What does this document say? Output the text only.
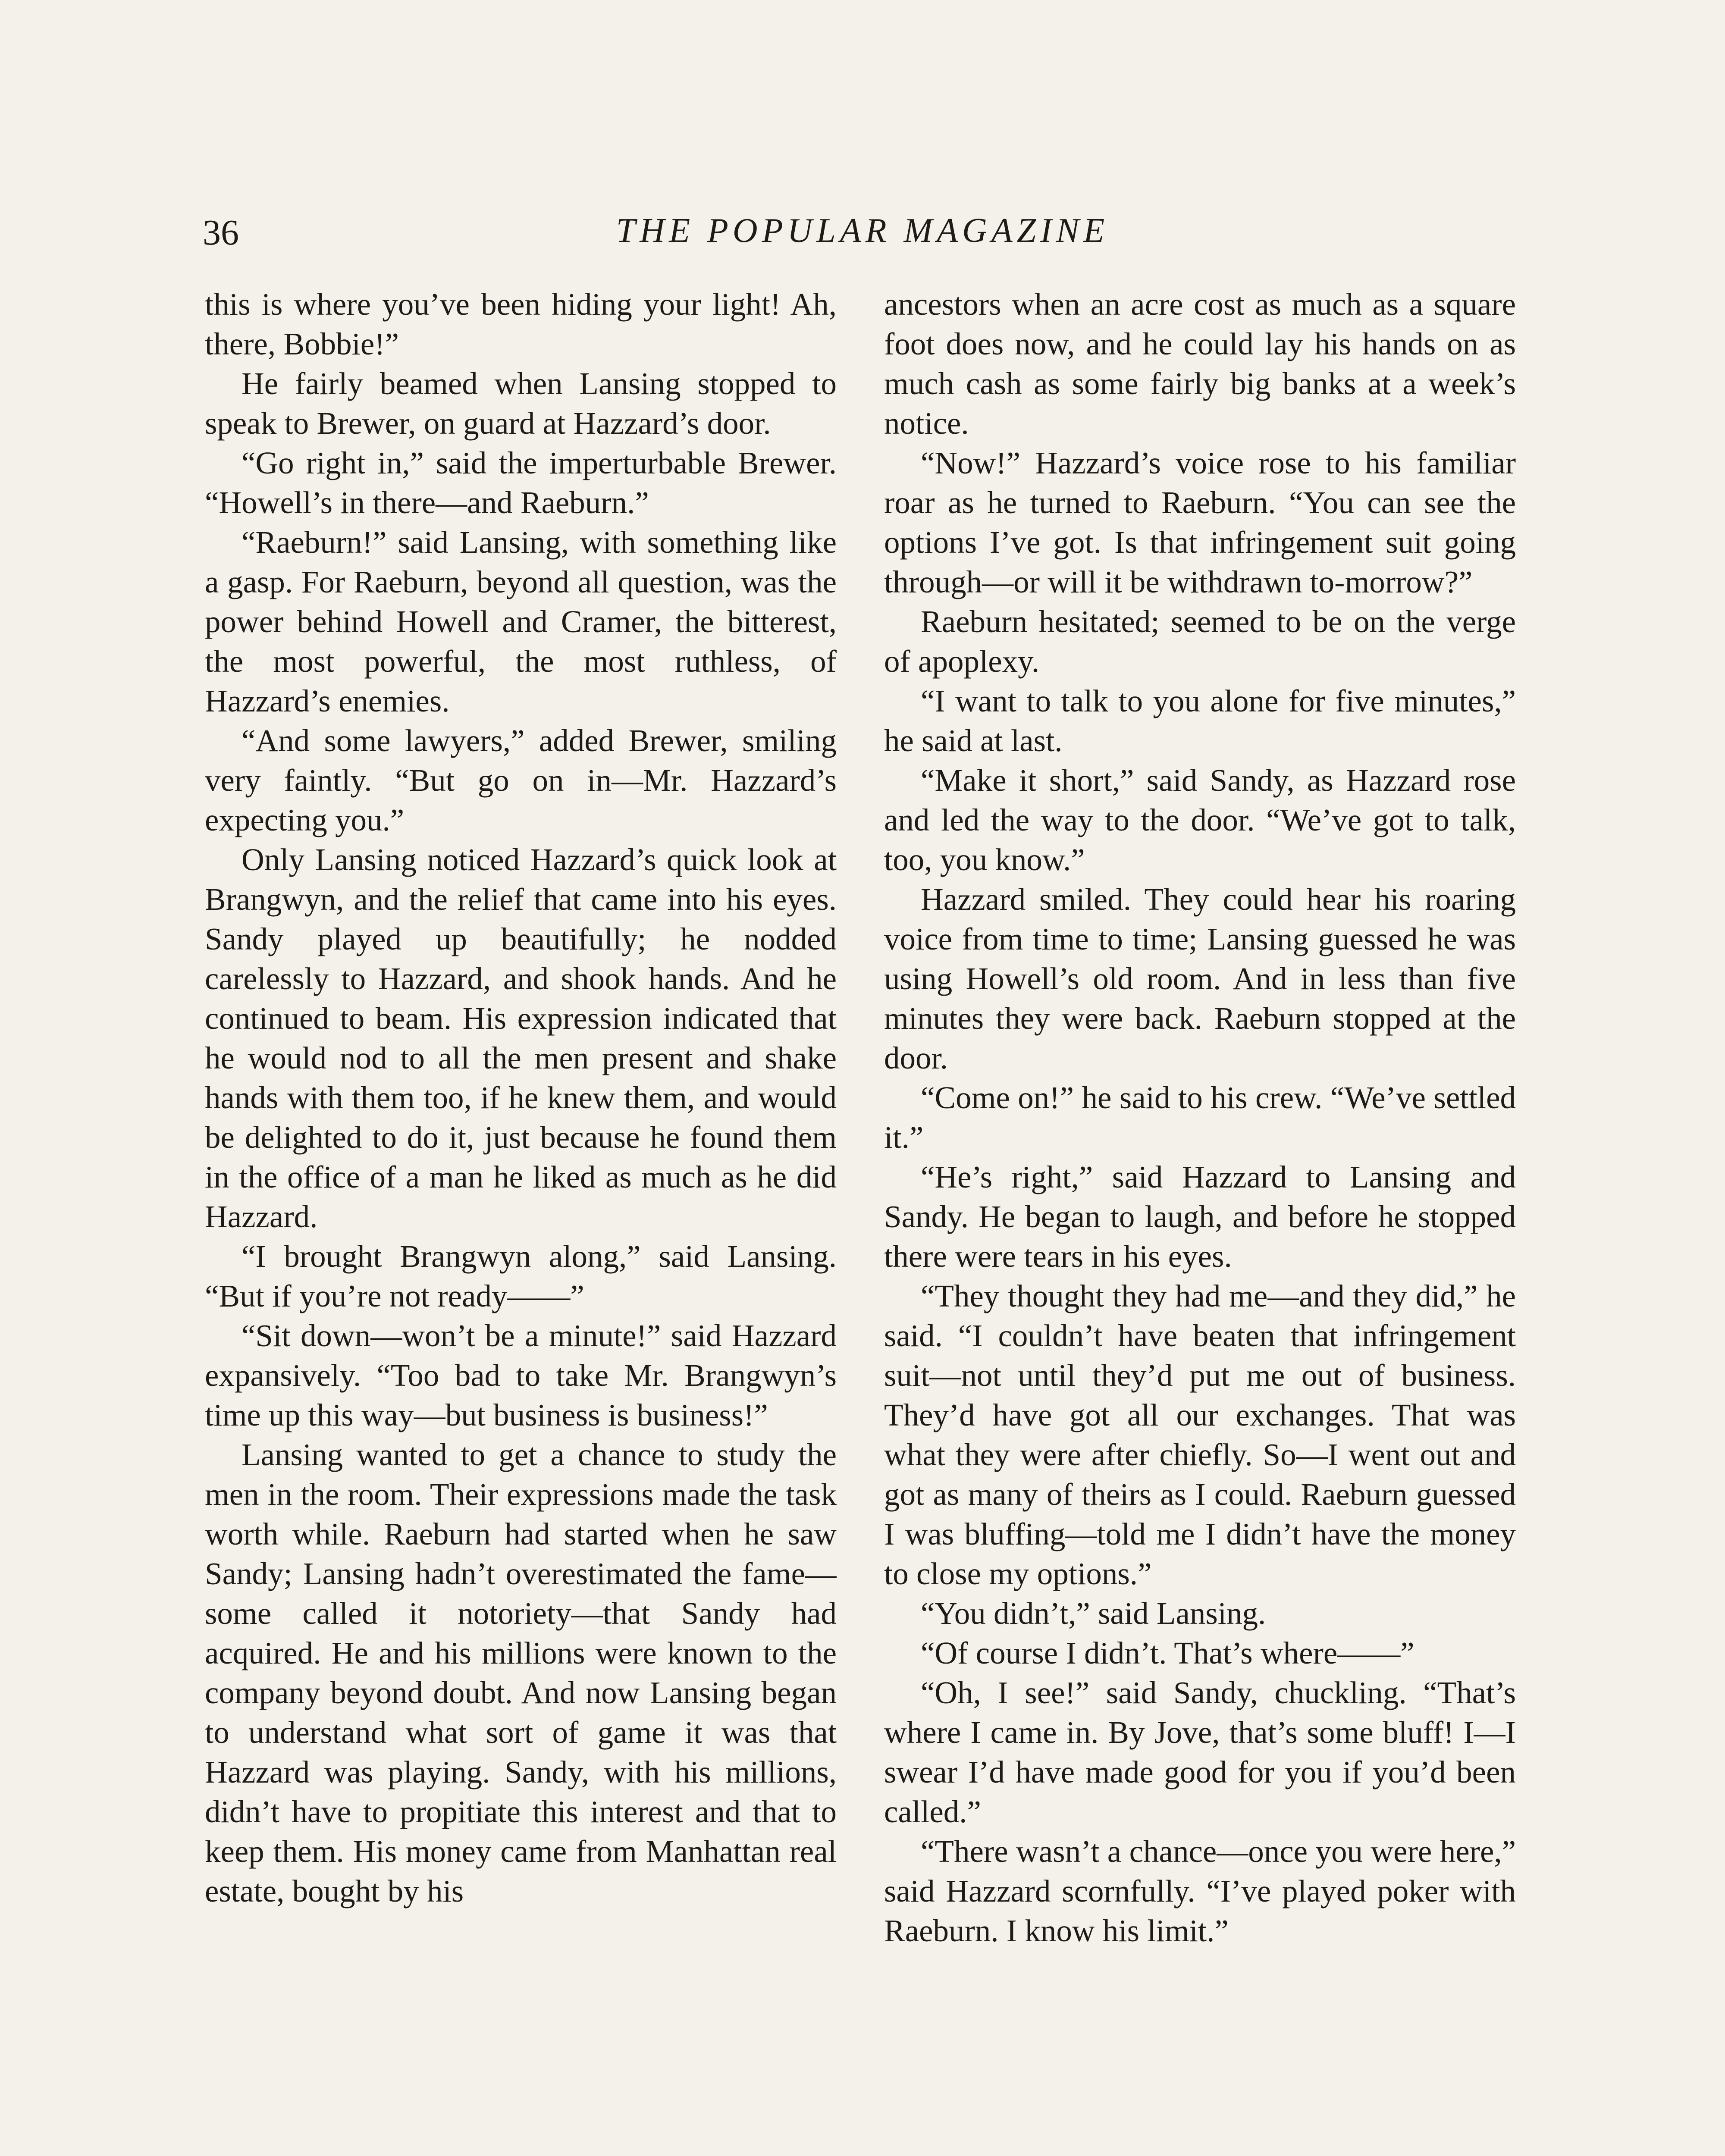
36	THE POPULAR MAGAZINE

this is where you’ve been hiding your light! Ah, there, Bobbie!”

He fairly beamed when Lansing stopped to speak to Brewer, on guard at Hazzard’s door.

“Go right in,” said the imperturbable Brewer. “Howell’s in there—and Raeburn.”

“Raeburn!” said Lansing, with something like a gasp. For Raeburn, beyond all question, was the power behind Howell and Cramer, the bitterest, the most powerful, the most ruthless, of Hazzard’s enemies.

“And some lawyers,” added Brewer, smiling very faintly. “But go on in—Mr. Hazzard’s expecting you.”

Only Lansing noticed Hazzard’s quick look at Brangwyn, and the relief that came into his eyes. Sandy played up beautifully; he nodded carelessly to Hazzard, and shook hands. And he continued to beam. His expression indicated that he would nod to all the men present and shake hands with them too, if he knew them, and would be delighted to do it, just because he found them in the office of a man he liked as much as he did Hazzard.

“I brought Brangwyn along,” said Lansing. “But if you’re not ready——”

“Sit down—won’t be a minute!” said Hazzard expansively. “Too bad to take Mr. Brangwyn’s time up this way—but business is business!”

Lansing wanted to get a chance to study the men in the room. Their expressions made the task worth while. Raeburn had started when he saw Sandy; Lansing hadn’t overestimated the fame—some called it notoriety—that Sandy had acquired. He and his millions were known to the company beyond doubt. And now Lansing began to understand what sort of game it was that Hazzard was playing. Sandy, with his millions, didn’t have to propitiate this interest and that to keep them. His money came from Manhattan real estate, bought by his

ancestors when an acre cost as much as a square foot does now, and he could lay his hands on as much cash as some fairly big banks at a week’s notice.

“Now!” Hazzard’s voice rose to his familiar roar as he turned to Raeburn. “You can see the options I’ve got. Is that infringement suit going through—or will it be withdrawn to-morrow?”

Raeburn hesitated; seemed to be on the verge of apoplexy.

“I want to talk to you alone for five minutes,” he said at last.

“Make it short,” said Sandy, as Hazzard rose and led the way to the door. “We’ve got to talk, too, you know.”

Hazzard smiled. They could hear his roaring voice from time to time; Lansing guessed he was using Howell’s old room. And in less than five minutes they were back. Raeburn stopped at the door.

“Come on!” he said to his crew. “We’ve settled it.”

“He’s right,” said Hazzard to Lansing and Sandy. He began to laugh, and before he stopped there were tears in his eyes.

“They thought they had me—and they did,” he said. “I couldn’t have beaten that infringement suit—not until they’d put me out of business. They’d have got all our exchanges. That was what they were after chiefly. So—I went out and got as many of theirs as I could. Raeburn guessed I was bluffing—told me I didn’t have the money to close my options.”

“You didn’t,” said Lansing.

“Of course I didn’t. That’s where——”

“Oh, I see!” said Sandy, chuckling. “That’s where I came in. By Jove, that’s some bluff! I—I swear I’d have made good for you if you’d been called.”

“There wasn’t a chance—once you were here,” said Hazzard scornfully. “I’ve played poker with Raeburn. I know his limit.”
